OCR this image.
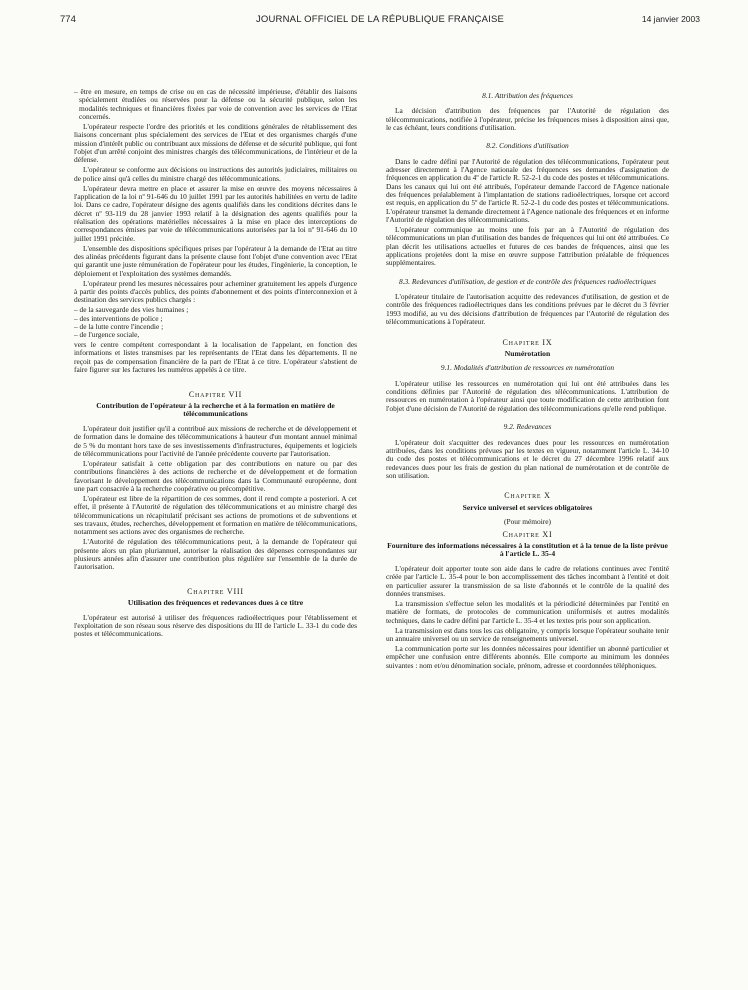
774	JOURNAL OFFICIEL DE LA RÉPUBLIQUE FRANÇAISE	14 janvier 2003

– être en mesure, en temps de crise ou en cas de nécessité impérieuse, d'établir des liaisons spécialement étudiées ou réservées pour la défense ou la sécurité publique, selon les modalités techniques et financières fixées par voie de convention avec les services de l'Etat concernés.

L'opérateur respecte l'ordre des priorités et les conditions générales de rétablissement des liaisons concernant plus spécialement des services de l'Etat et des organismes chargés d'une mission d'intérêt public ou contribuant aux missions de défense et de sécurité publique, qui font l'objet d'un arrêté conjoint des ministres chargés des télécommunications, de l'intérieur et de la défense.

L'opérateur se conforme aux décisions ou instructions des autorités judiciaires, militaires ou de police ainsi qu'à celles du ministre chargé des télécommunications.

L'opérateur devra mettre en place et assurer la mise en œuvre des moyens nécessaires à l'application de la loi nº 91-646 du 10 juillet 1991 par les autorités habilitées en vertu de ladite loi. Dans ce cadre, l'opérateur désigne des agents qualifiés dans les conditions décrites dans le décret nº 93-119 du 28 janvier 1993 relatif à la désignation des agents qualifiés pour la réalisation des opérations matérielles nécessaires à la mise en place des interceptions de correspondances émises par voie de télécommunications autorisées par la loi nº 91-646 du 10 juillet 1991 précitée.

L'ensemble des dispositions spécifiques prises par l'opérateur à la demande de l'Etat au titre des alinéas précédents figurant dans la présente clause font l'objet d'une convention avec l'Etat qui garantit une juste rémunération de l'opérateur pour les études, l'ingénierie, la conception, le déploiement et l'exploitation des systèmes demandés.

L'opérateur prend les mesures nécessaires pour acheminer gratuitement les appels d'urgence à partir des points d'accès publics, des points d'abonnement et des points d'interconnexion et à destination des services publics chargés :

– de la sauvegarde des vies humaines ;
– des interventions de police ;
– de la lutte contre l'incendie ;
– de l'urgence sociale,

vers le centre compétent correspondant à la localisation de l'appelant, en fonction des informations et listes transmises par les représentants de l'Etat dans les départements. Il ne reçoit pas de compensation financière de la part de l'Etat à ce titre. L'opérateur s'abstient de faire figurer sur les factures les numéros appelés à ce titre.

Chapitre VII
Contribution de l'opérateur à la recherche et à la formation en matière de télécommunications

L'opérateur doit justifier qu'il a contribué aux missions de recherche et de développement et de formation dans le domaine des télécommunications à hauteur d'un montant annuel minimal de 5 % du montant hors taxe de ses investissements d'infrastructures, équipements et logiciels de télécommunications pour l'activité de l'année précédente couverte par l'autorisation.

L'opérateur satisfait à cette obligation par des contributions en nature ou par des contributions financières à des actions de recherche et de développement et de formation favorisant le développement des télécommunications dans la Communauté européenne, dont une part consacrée à la recherche coopérative ou précompétitive.

L'opérateur est libre de la répartition de ces sommes, dont il rend compte a posteriori. A cet effet, il présente à l'Autorité de régulation des télécommunications et au ministre chargé des télécommunications un récapitulatif précisant ses actions de promotions et de subventions et ses travaux, études, recherches, développement et formation en matière de télécommunications, notamment ses actions avec des organismes de recherche.

L'Autorité de régulation des télécommunications peut, à la demande de l'opérateur qui présente alors un plan pluriannuel, autoriser la réalisation des dépenses correspondantes sur plusieurs années afin d'assurer une contribution plus régulière sur l'ensemble de la durée de l'autorisation.

Chapitre VIII
Utilisation des fréquences et redevances dues à ce titre

L'opérateur est autorisé à utiliser des fréquences radioélectriques pour l'établissement et l'exploitation de son réseau sous réserve des dispositions du III de l'article L. 33-1 du code des postes et télécommunications.

8.1. Attribution des fréquences

La décision d'attribution des fréquences par l'Autorité de régulation des télécommunications, notifiée à l'opérateur, précise les fréquences mises à disposition ainsi que, le cas échéant, leurs conditions d'utilisation.

8.2. Conditions d'utilisation

Dans le cadre défini par l'Autorité de régulation des télécommunications, l'opérateur peut adresser directement à l'Agence nationale des fréquences ses demandes d'assignation de fréquences en application du 4º de l'article R. 52-2-1 du code des postes et télécommunications. Dans les canaux qui lui ont été attribués, l'opérateur demande l'accord de l'Agence nationale des fréquences préalablement à l'implantation de stations radioélectriques, lorsque cet accord est requis, en application du 5º de l'article R. 52-2-1 du code des postes et télécommunications. L'opérateur transmet la demande directement à l'Agence nationale des fréquences et en informe l'Autorité de régulation des télécommunications.

L'opérateur communique au moins une fois par an à l'Autorité de régulation des télécommunications un plan d'utilisation des bandes de fréquences qui lui ont été attribuées. Ce plan décrit les utilisations actuelles et futures de ces bandes de fréquences, ainsi que les applications projetées dont la mise en œuvre suppose l'attribution préalable de fréquences supplémentaires.

8.3. Redevances d'utilisation, de gestion et de contrôle des fréquences radioélectriques

L'opérateur titulaire de l'autorisation acquitte des redevances d'utilisation, de gestion et de contrôle des fréquences radioélectriques dans les conditions prévues par le décret du 3 février 1993 modifié, au vu des décisions d'attribution de fréquences par l'Autorité de régulation des télécommunications à l'opérateur.

Chapitre IX
Numérotation
9.1. Modalités d'attribution de ressources en numérotation

L'opérateur utilise les ressources en numérotation qui lui ont été attribuées dans les conditions définies par l'Autorité de régulation des télécommunications. L'attribution de ressources en numérotation à l'opérateur ainsi que toute modification de cette attribution font l'objet d'une décision de l'Autorité de régulation des télécommunications qu'elle rend publique.

9.2. Redevances

L'opérateur doit s'acquitter des redevances dues pour les ressources en numérotation attribuées, dans les conditions prévues par les textes en vigueur, notamment l'article L. 34-10 du code des postes et télécommunications et le décret du 27 décembre 1996 relatif aux redevances dues pour les frais de gestion du plan national de numérotation et de contrôle de son utilisation.

Chapitre X
Service universel et services obligatoires
(Pour mémoire)
Chapitre XI
Fourniture des informations nécessaires à la constitution et à la tenue de la liste prévue à l'article L. 35-4

L'opérateur doit apporter toute son aide dans le cadre de relations continues avec l'entité créée par l'article L. 35-4 pour le bon accomplissement des tâches incombant à l'entité et doit en particulier assurer la transmission de sa liste d'abonnés et le contrôle de la qualité des données transmises.

La transmission s'effectue selon les modalités et la périodicité déterminées par l'entité en matière de formats, de protocoles de communication uniformisés et autres modalités techniques, dans le cadre défini par l'article L. 35-4 et les textes pris pour son application.

La transmission est dans tous les cas obligatoire, y compris lorsque l'opérateur souhaite tenir un annuaire universel ou un service de renseignements universel.

La communication porte sur les données nécessaires pour identifier un abonné particulier et empêcher une confusion entre différents abonnés. Elle comporte au minimum les données suivantes : nom et/ou dénomination sociale, prénom, adresse et coordonnées téléphoniques.
